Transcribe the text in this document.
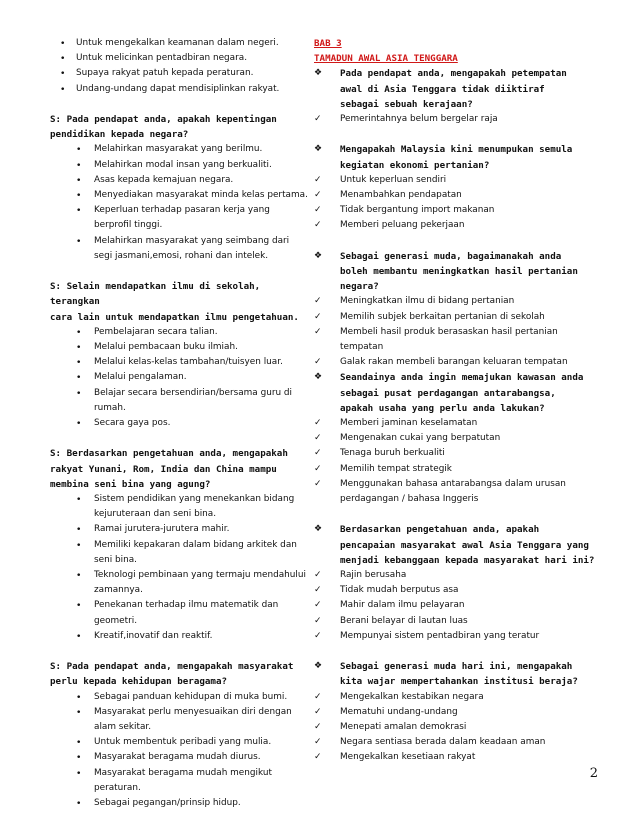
• Untuk mengekalkan keamanan dalam negeri.
• Untuk melicinkan pentadbiran negara.
• Supaya rakyat patuh kepada peraturan.
• Undang-undang dapat mendisiplinkan rakyat.
S: Pada pendapat anda, apakah kepentingan
pendidikan kepada negara?
• Melahirkan masyarakat yang berilmu.
• Melahirkan modal insan yang berkualiti.
• Asas kepada kemajuan negara.
• Menyediakan masyarakat minda kelas pertama.
• Keperluan terhadap pasaran kerja yang
berprofil tinggi.
• Melahirkan masyarakat yang seimbang dari
segi jasmani,emosi, rohani dan intelek.
S: Selain mendapatkan ilmu di sekolah, terangkan
cara lain untuk mendapatkan ilmu pengetahuan.
• Pembelajaran secara talian.
• Melalui pembacaan buku ilmiah.
• Melalui kelas-kelas tambahan/tuisyen luar.
• Melalui pengalaman.
• Belajar secara bersendirian/bersama guru di
rumah.
• Secara gaya pos.
S: Berdasarkan pengetahuan anda, mengapakah
rakyat Yunani, Rom, India dan China mampu
membina seni bina yang agung?
• Sistem pendidikan yang menekankan bidang
kejuruteraan dan seni bina.
• Ramai jurutera-jurutera mahir.
• Memiliki kepakaran dalam bidang arkitek dan
seni bina.
• Teknologi pembinaan yang termaju mendahului
zamannya.
• Penekanan terhadap ilmu matematik dan
geometri.
• Kreatif,inovatif dan reaktif.
S: Pada pendapat anda, mengapakah masyarakat
perlu kepada kehidupan beragama?
• Sebagai panduan kehidupan di muka bumi.
• Masyarakat perlu menyesuaikan diri dengan
alam sekitar.
• Untuk membentuk peribadi yang mulia.
• Masyarakat beragama mudah diurus.
• Masyarakat beragama mudah mengikut
peraturan.
• Sebagai pegangan/prinsip hidup.
BAB 3
TAMADUN AWAL ASIA TENGGARA
❖ Pada pendapat anda, mengapakah petempatan
awal di Asia Tenggara tidak diiktiraf
sebagai sebuah kerajaan?
✓ Pemerintahnya belum bergelar raja
❖ Mengapakah Malaysia kini menumpukan semula
kegiatan ekonomi pertanian?
✓ Untuk keperluan sendiri
✓ Menambahkan pendapatan
✓ Tidak bergantung import makanan
✓ Memberi peluang pekerjaan
❖ Sebagai generasi muda, bagaimanakah anda
boleh membantu meningkatkan hasil pertanian
negara?
✓ Meningkatkan ilmu di bidang pertanian
✓ Memilih subjek berkaitan pertanian di sekolah
✓ Membeli hasil produk berasaskan hasil pertanian
tempatan
✓ Galak rakan membeli barangan keluaran tempatan
❖ Seandainya anda ingin memajukan kawasan anda
sebagai pusat perdagangan antarabangsa,
apakah usaha yang perlu anda lakukan?
✓ Memberi jaminan keselamatan
✓ Mengenakan cukai yang berpatutan
✓ Tenaga buruh berkualiti
✓ Memilih tempat strategik
✓ Menggunakan bahasa antarabangsa dalam urusan
perdagangan / bahasa Inggeris
❖ Berdasarkan pengetahuan anda, apakah
pencapaian masyarakat awal Asia Tenggara yang
menjadi kebanggaan kepada masyarakat hari ini?
✓ Rajin berusaha
✓ Tidak mudah berputus asa
✓ Mahir dalam ilmu pelayaran
✓ Berani belayar di lautan luas
✓ Mempunyai sistem pentadbiran yang teratur
❖ Sebagai generasi muda hari ini, mengapakah
kita wajar mempertahankan institusi beraja?
✓ Mengekalkan kestabikan negara
✓ Mematuhi undang-undang
✓ Menepati amalan demokrasi
✓ Negara sentiasa berada dalam keadaan aman
✓ Mengekalkan kesetiaan rakyat
2
